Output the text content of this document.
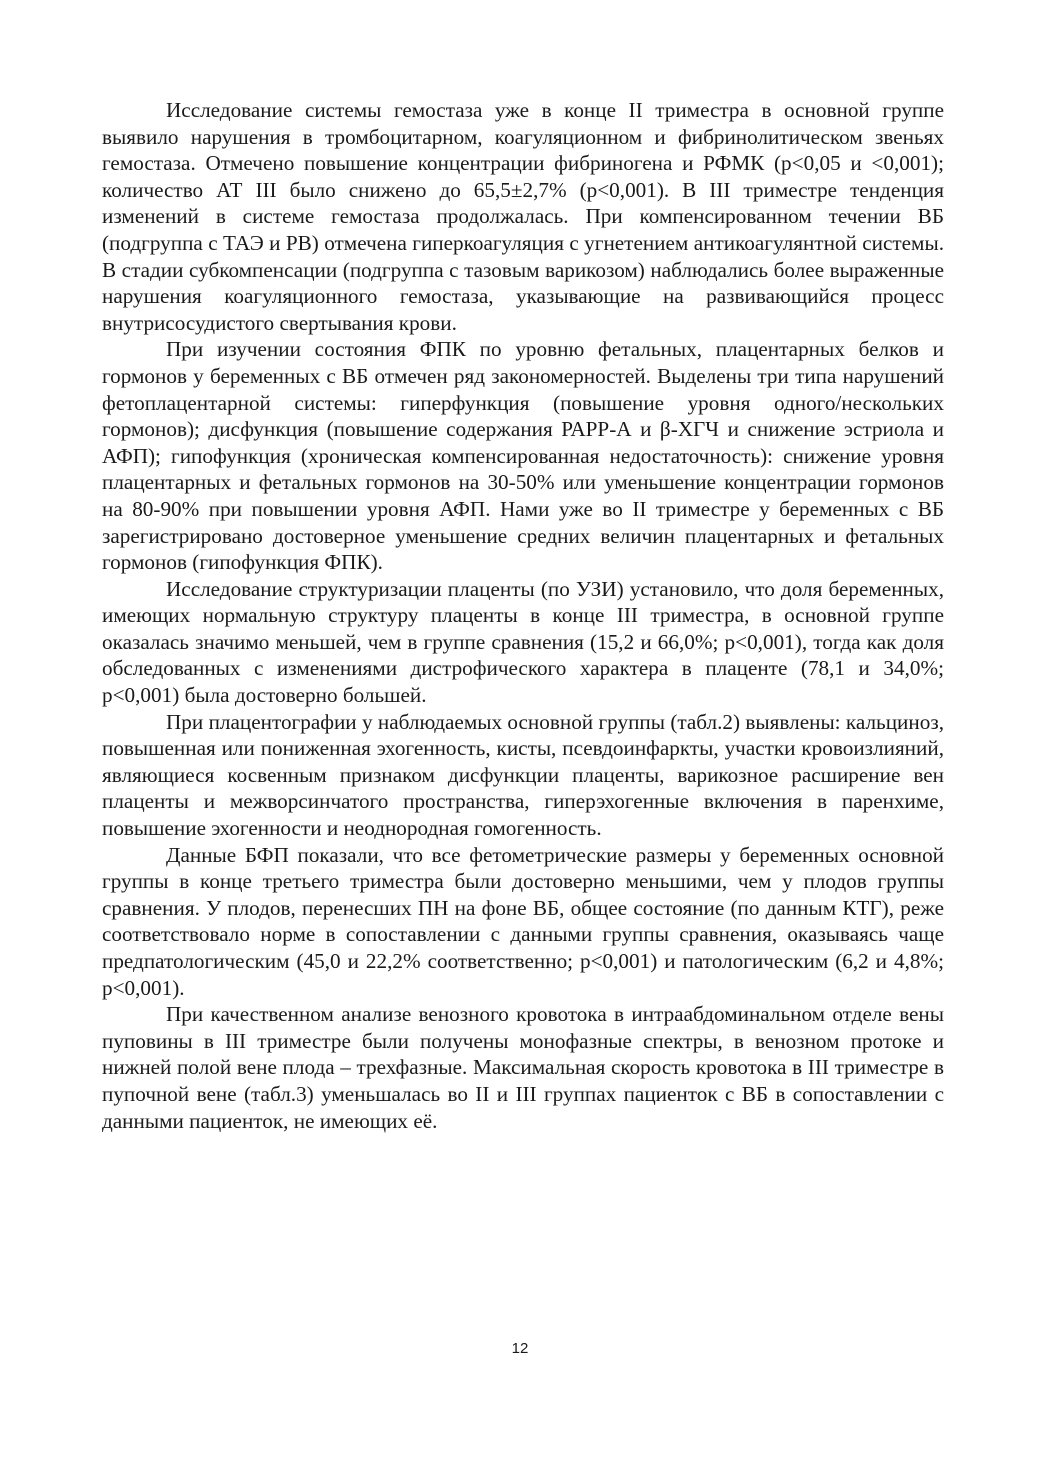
Исследование системы гемостаза уже в конце II триместра в основной группе выявило нарушения в тромбоцитарном, коагуляционном и фибринолитическом звеньях гемостаза. Отмечено повышение концентрации фибриногена и РФМК (р<0,05 и <0,001); количество АТ III было снижено до 65,5±2,7% (р<0,001). В III триместре тенденция изменений в системе гемостаза продолжалась. При компенсированном течении ВБ (подгруппа с ТАЭ и РВ) отмечена гиперкоагуляция с угнетением антикоагулянтной системы. В стадии субкомпенсации (подгруппа с тазовым варикозом) наблюдались более выраженные нарушения коагуляционного гемостаза, указывающие на развивающийся процесс внутрисосудистого свертывания крови.

При изучении состояния ФПК по уровню фетальных, плацентарных белков и гормонов у беременных с ВБ отмечен ряд закономерностей. Выделены три типа нарушений фетоплацентарной системы: гиперфункция (повышение уровня одного/нескольких гормонов); дисфункция (повышение содержания РАРР-А и β-ХГЧ и снижение эстриола и АФП); гипофункция (хроническая компенсированная недостаточность): снижение уровня плацентарных и фетальных гормонов на 30-50% или уменьшение концентрации гормонов на 80-90% при повышении уровня АФП. Нами уже во II триместре у беременных с ВБ зарегистрировано достоверное уменьшение средних величин плацентарных и фетальных гормонов (гипофункция ФПК).

Исследование структуризации плаценты (по УЗИ) установило, что доля беременных, имеющих нормальную структуру плаценты в конце III триместра, в основной группе оказалась значимо меньшей, чем в группе сравнения (15,2 и 66,0%; р<0,001), тогда как доля обследованных с изменениями дистрофического характера в плаценте (78,1 и 34,0%; р<0,001) была достоверно большей.

При плацентографии у наблюдаемых основной группы (табл.2) выявлены: кальциноз, повышенная или пониженная эхогенность, кисты, псевдоинфаркты, участки кровоизлияний, являющиеся косвенным признаком дисфункции плаценты, варикозное расширение вен плаценты и межворсинчатого пространства, гиперэхогенные включения в паренхиме, повышение эхогенности и неоднородная гомогенность.

Данные БФП показали, что все фетометрические размеры у беременных основной группы в конце третьего триместра были достоверно меньшими, чем у плодов группы сравнения. У плодов, перенесших ПН на фоне ВБ, общее состояние (по данным КТГ), реже соответствовало норме в сопоставлении с данными группы сравнения, оказываясь чаще предпатологическим (45,0 и 22,2% соответственно; р<0,001) и патологическим (6,2 и 4,8%; р<0,001).

При качественном анализе венозного кровотока в интраабдоминальном отделе вены пуповины в III триместре были получены монофазные спектры, в венозном протоке и нижней полой вене плода – трехфазные. Максимальная скорость кровотока в III триместре в пупочной вене (табл.3) уменьшалась во II и III группах пациенток с ВБ в сопоставлении с данными пациенток, не имеющих её.

12
